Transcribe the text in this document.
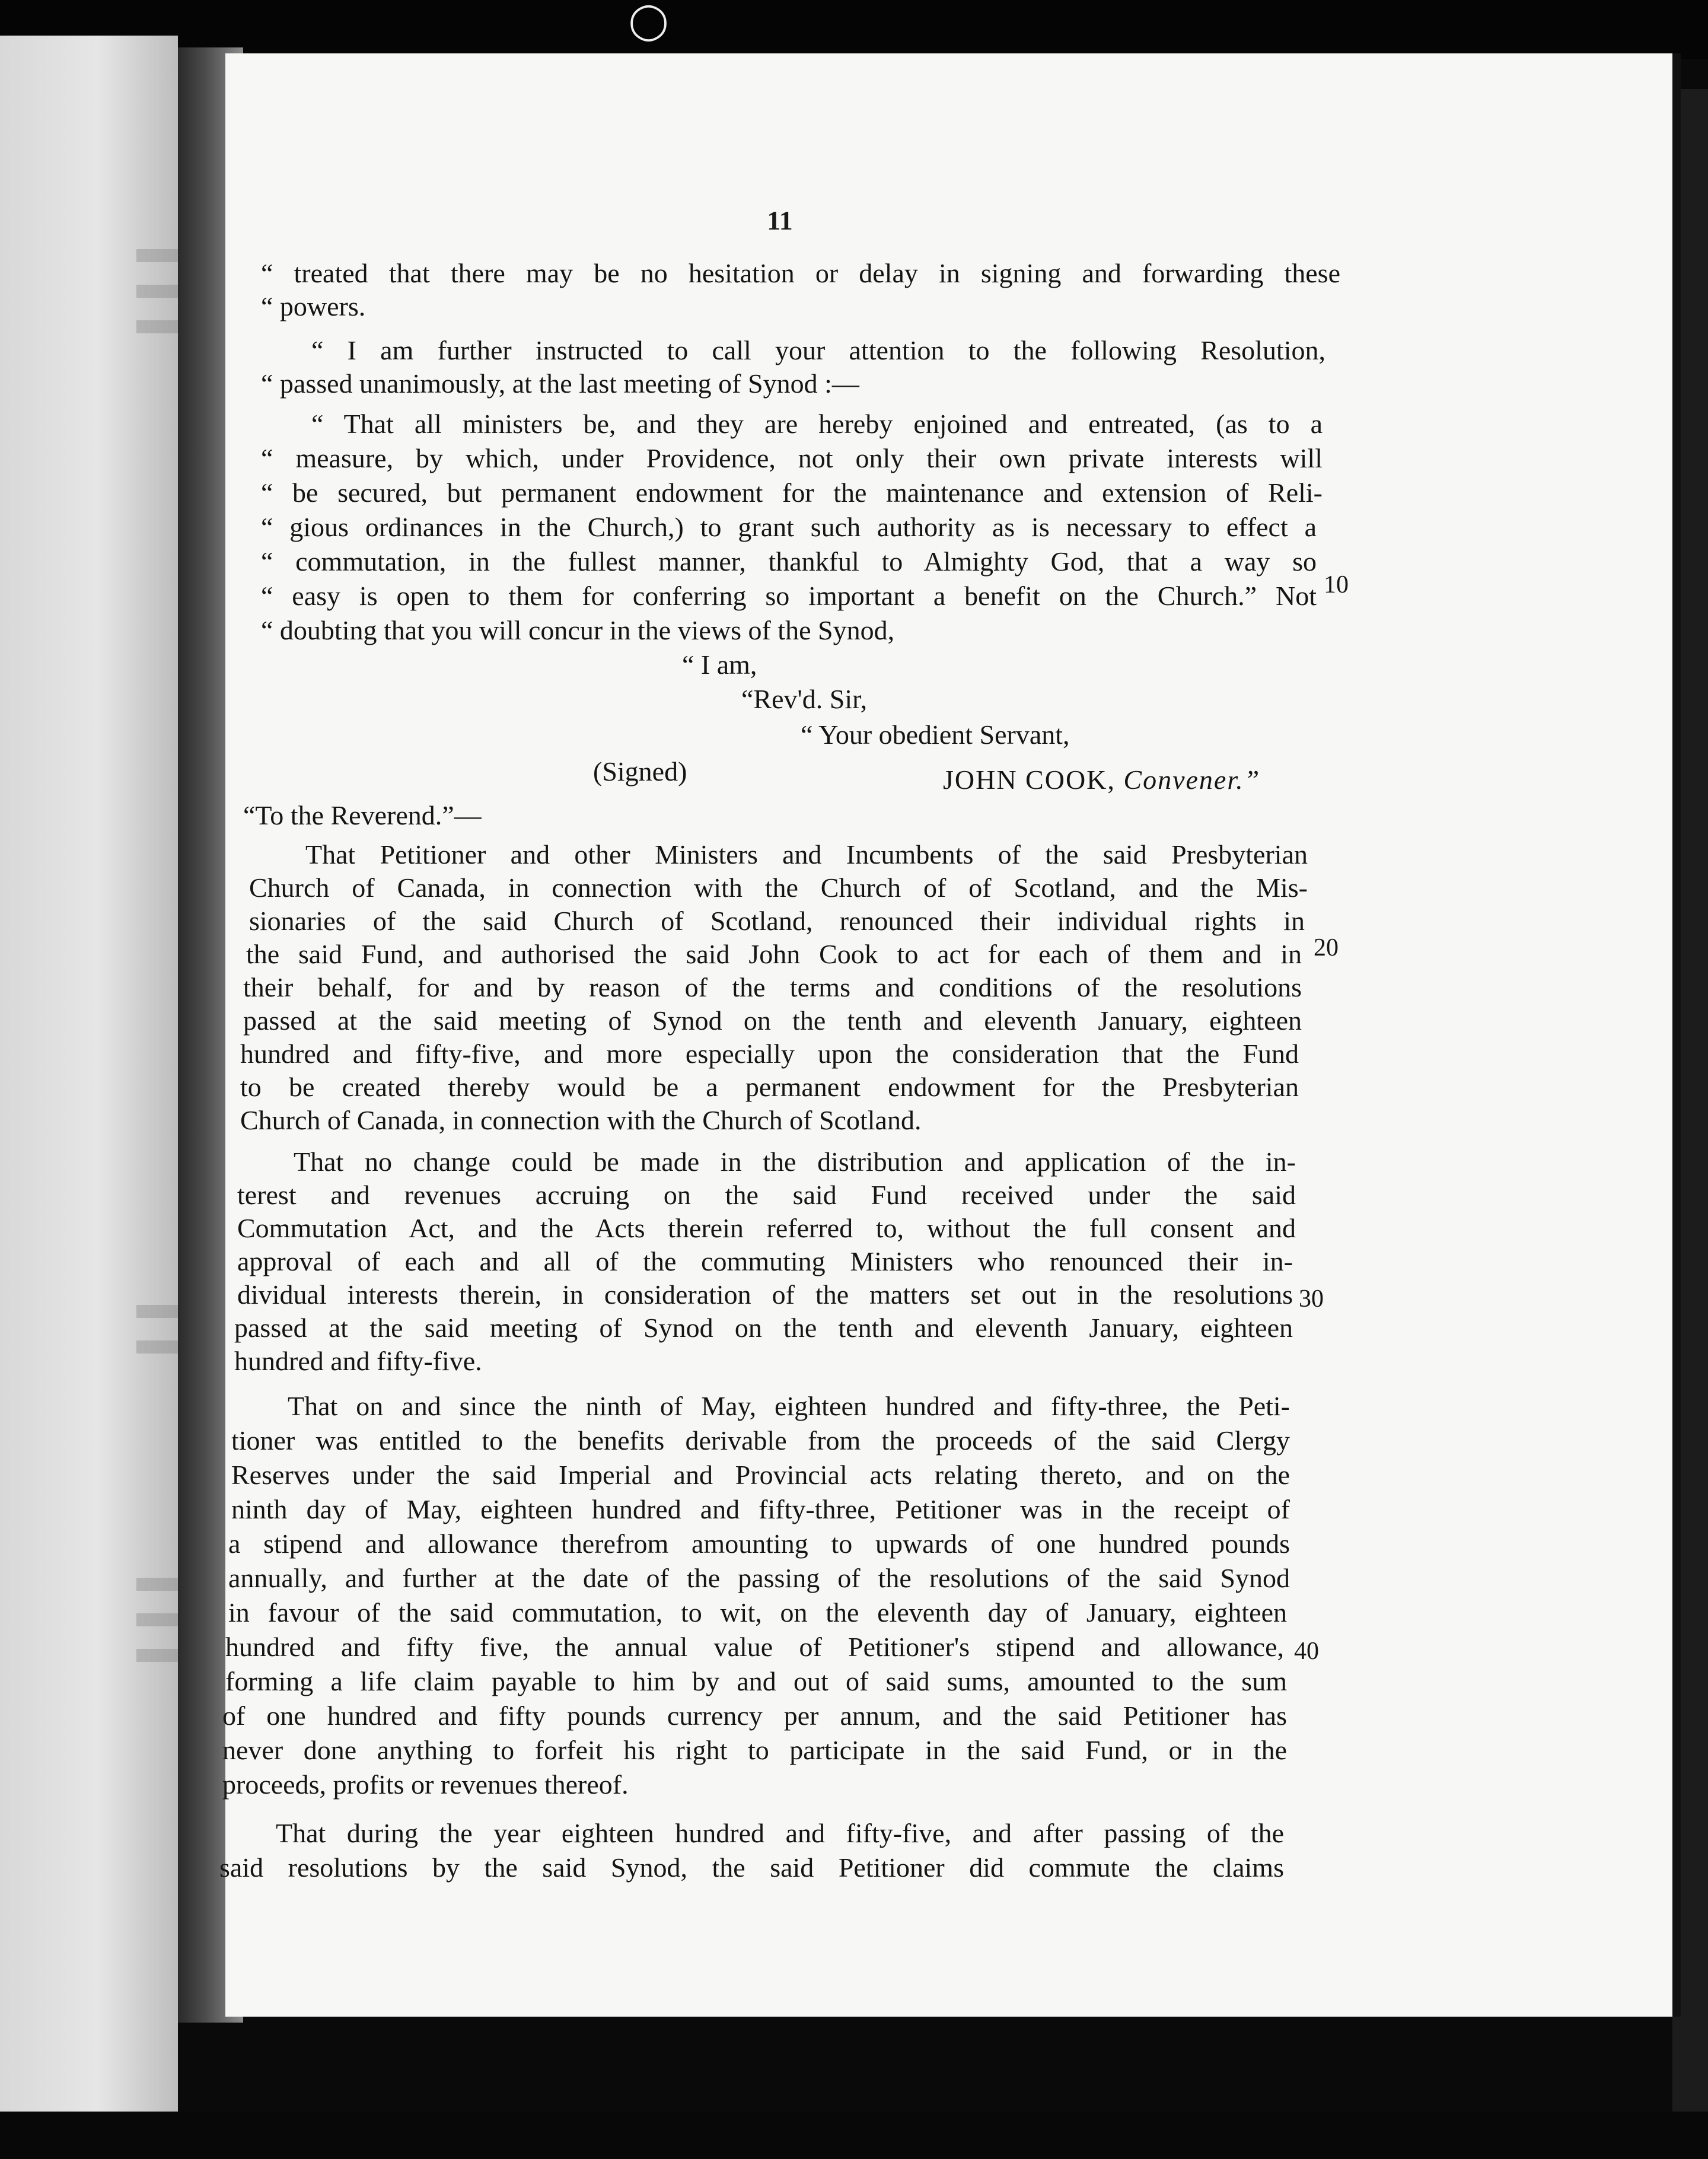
◯
11
“ treated that there may be no hesitation or delay in signing and forwarding these
“ powers.
“ I am further instructed to call your attention to the following Resolution,
“ passed unanimously, at the last meeting of Synod :—
“ That all ministers be, and they are hereby enjoined and entreated, (as to a
“ measure, by which, under Providence, not only their own private interests will
“ be secured, but permanent endowment for the maintenance and extension of Reli-
“ gious ordinances in the Church,) to grant such authority as is necessary to effect a
“ commutation, in the fullest manner, thankful to Almighty God, that a way so
“ easy is open to them for conferring so important a benefit on the Church.” Not
“ doubting that you will concur in the views of the Synod,
“ I am,
“Rev'd. Sir,
“ Your obedient Servant,
(Signed)	JOHN COOK, Convener.”
“To the Reverend.”—
That Petitioner and other Ministers and Incumbents of the said Presbyterian
Church of Canada, in connection with the Church of of Scotland, and the Mis-
sionaries of the said Church of Scotland, renounced their individual rights in
the said Fund, and authorised the said John Cook to act for each of them and in
their behalf, for and by reason of the terms and conditions of the resolutions
passed at the said meeting of Synod on the tenth and eleventh January, eighteen
hundred and fifty-five, and more especially upon the consideration that the Fund
to be created thereby would be a permanent endowment for the Presbyterian
Church of Canada, in connection with the Church of Scotland.
That no change could be made in the distribution and application of the in-
terest and revenues accruing on the said Fund received under the said
Commutation Act, and the Acts therein referred to, without the full consent and
approval of each and all of the commuting Ministers who renounced their in-
dividual interests therein, in consideration of the matters set out in the resolutions
passed at the said meeting of Synod on the tenth and eleventh January, eighteen
hundred and fifty-five.
That on and since the ninth of May, eighteen hundred and fifty-three, the Peti-
tioner was entitled to the benefits derivable from the proceeds of the said Clergy
Reserves under the said Imperial and Provincial acts relating thereto, and on the
ninth day of May, eighteen hundred and fifty-three, Petitioner was in the receipt of
a stipend and allowance therefrom amounting to upwards of one hundred pounds
annually, and further at the date of the passing of the resolutions of the said Synod
in favour of the said commutation, to wit, on the eleventh day of January, eighteen
hundred and fifty five, the annual value of Petitioner's stipend and allowance,
forming a life claim payable to him by and out of said sums, amounted to the sum
of one hundred and fifty pounds currency per annum, and the said Petitioner has
never done anything to forfeit his right to participate in the said Fund, or in the
proceeds, profits or revenues thereof.
That during the year eighteen hundred and fifty-five, and after passing of the
said resolutions by the said Synod, the said Petitioner did commute the claims
10
20
30
40
